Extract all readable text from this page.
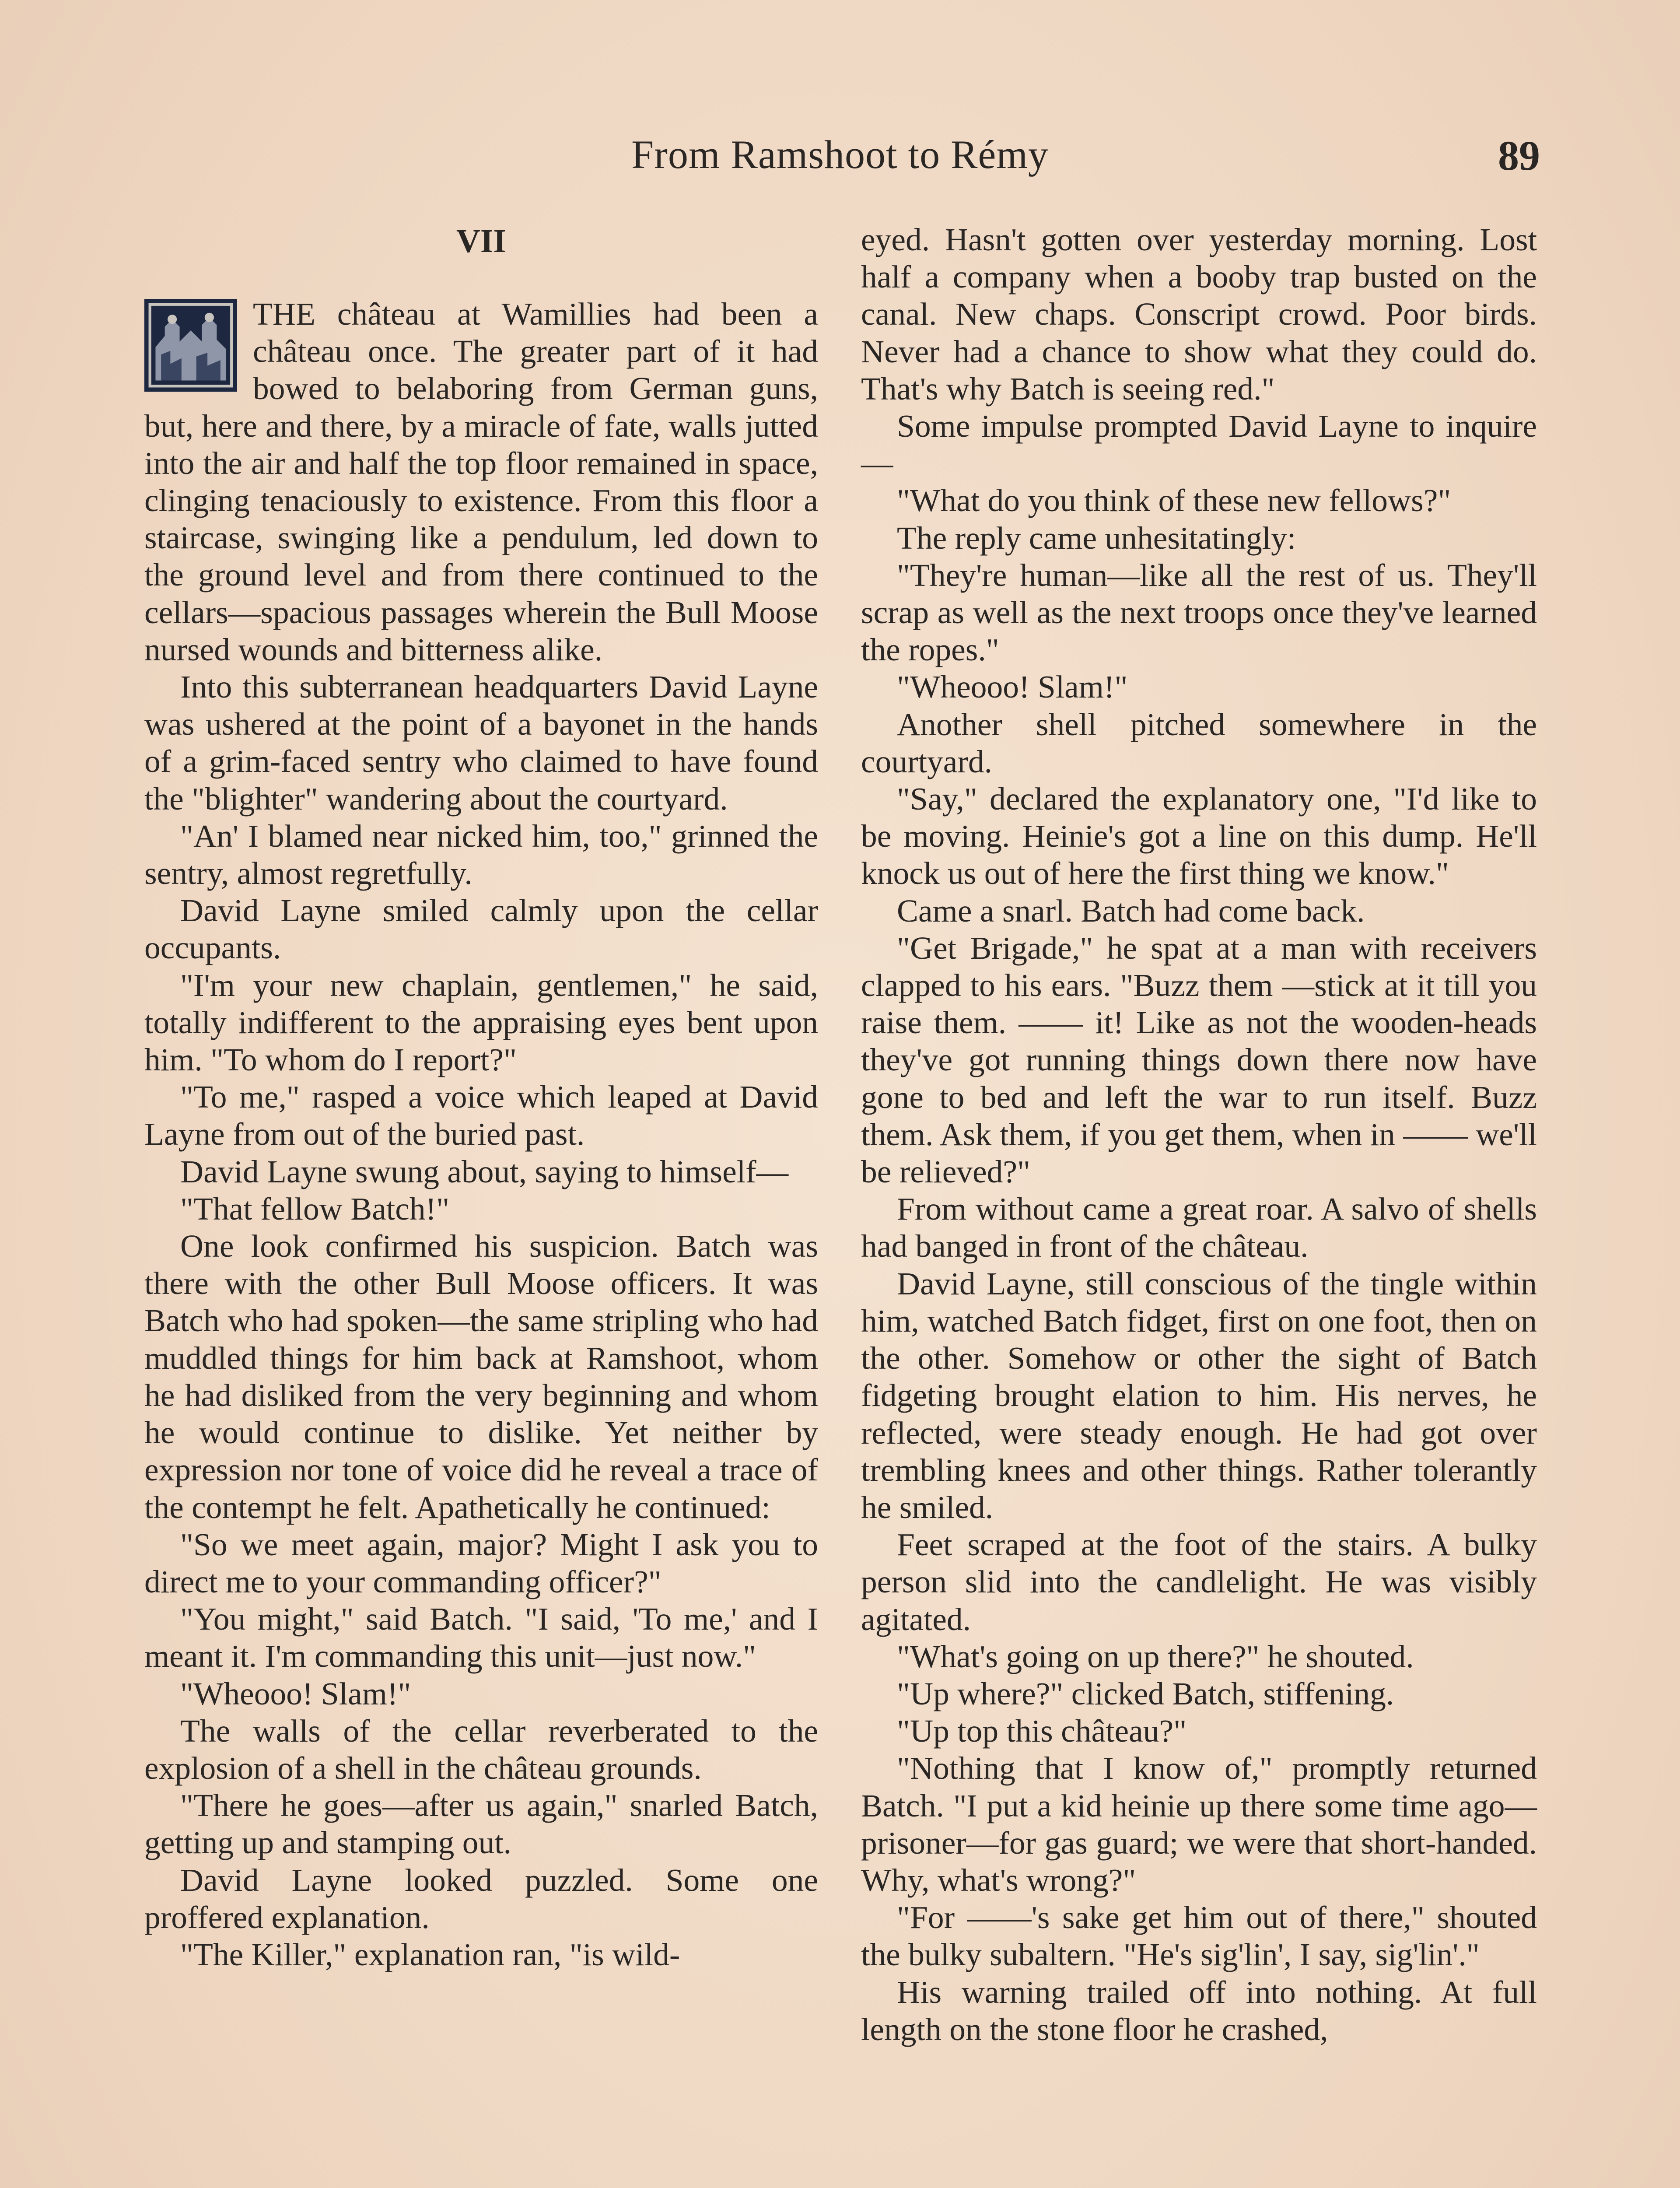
From Ramshoot to Rémy	89
VII

THE château at Wamillies had been a château once. The greater part of it had bowed to belaboring from German guns, but, here and there, by a miracle of fate, walls jutted into the air and half the top floor remained in space, clinging tenaciously to existence. From this floor a staircase, swinging like a pendulum, led down to the ground level and from there continued to the cellars—spacious passages wherein the Bull Moose nursed wounds and bitterness alike.

Into this subterranean headquarters David Layne was ushered at the point of a bayonet in the hands of a grim-faced sentry who claimed to have found the "blighter" wandering about the courtyard.

"An' I blamed near nicked him, too," grinned the sentry, almost regretfully.

David Layne smiled calmly upon the cellar occupants.

"I'm your new chaplain, gentlemen," he said, totally indifferent to the appraising eyes bent upon him. "To whom do I report?"

"To me," rasped a voice which leaped at David Layne from out of the buried past.

David Layne swung about, saying to himself—

"That fellow Batch!"

One look confirmed his suspicion. Batch was there with the other Bull Moose officers. It was Batch who had spoken—the same stripling who had muddled things for him back at Ramshoot, whom he had disliked from the very beginning and whom he would continue to dislike. Yet neither by expression nor tone of voice did he reveal a trace of the contempt he felt. Apathetically he continued:

"So we meet again, major? Might I ask you to direct me to your commanding officer?"

"You might," said Batch. "I said, 'To me,' and I meant it. I'm commanding this unit—just now."

"Wheooo! Slam!"

The walls of the cellar reverberated to the explosion of a shell in the château grounds.

"There he goes—after us again," snarled Batch, getting up and stamping out.

David Layne looked puzzled. Some one proffered explanation.

"The Killer," explanation ran, "is wild-

eyed. Hasn't gotten over yesterday morning. Lost half a company when a booby trap busted on the canal. New chaps. Conscript crowd. Poor birds. Never had a chance to show what they could do. That's why Batch is seeing red."

Some impulse prompted David Layne to inquire—

"What do you think of these new fellows?"

The reply came unhesitatingly:

"They're human—like all the rest of us. They'll scrap as well as the next troops once they've learned the ropes."

"Wheooo! Slam!"

Another shell pitched somewhere in the courtyard.

"Say," declared the explanatory one, "I'd like to be moving. Heinie's got a line on this dump. He'll knock us out of here the first thing we know."

Came a snarl. Batch had come back.

"Get Brigade," he spat at a man with receivers clapped to his ears. "Buzz them —stick at it till you raise them. —— it! Like as not the wooden-heads they've got running things down there now have gone to bed and left the war to run itself. Buzz them. Ask them, if you get them, when in —— we'll be relieved?"

From without came a great roar. A salvo of shells had banged in front of the château.

David Layne, still conscious of the tingle within him, watched Batch fidget, first on one foot, then on the other. Somehow or other the sight of Batch fidgeting brought elation to him. His nerves, he reflected, were steady enough. He had got over trembling knees and other things. Rather tolerantly he smiled.

Feet scraped at the foot of the stairs. A bulky person slid into the candlelight. He was visibly agitated.

"What's going on up there?" he shouted.

"Up where?" clicked Batch, stiffening.

"Up top this château?"

"Nothing that I know of," promptly returned Batch. "I put a kid heinie up there some time ago—prisoner—for gas guard; we were that short-handed. Why, what's wrong?"

"For ——'s sake get him out of there," shouted the bulky subaltern. "He's sig'lin', I say, sig'lin'."

His warning trailed off into nothing. At full length on the stone floor he crashed,
